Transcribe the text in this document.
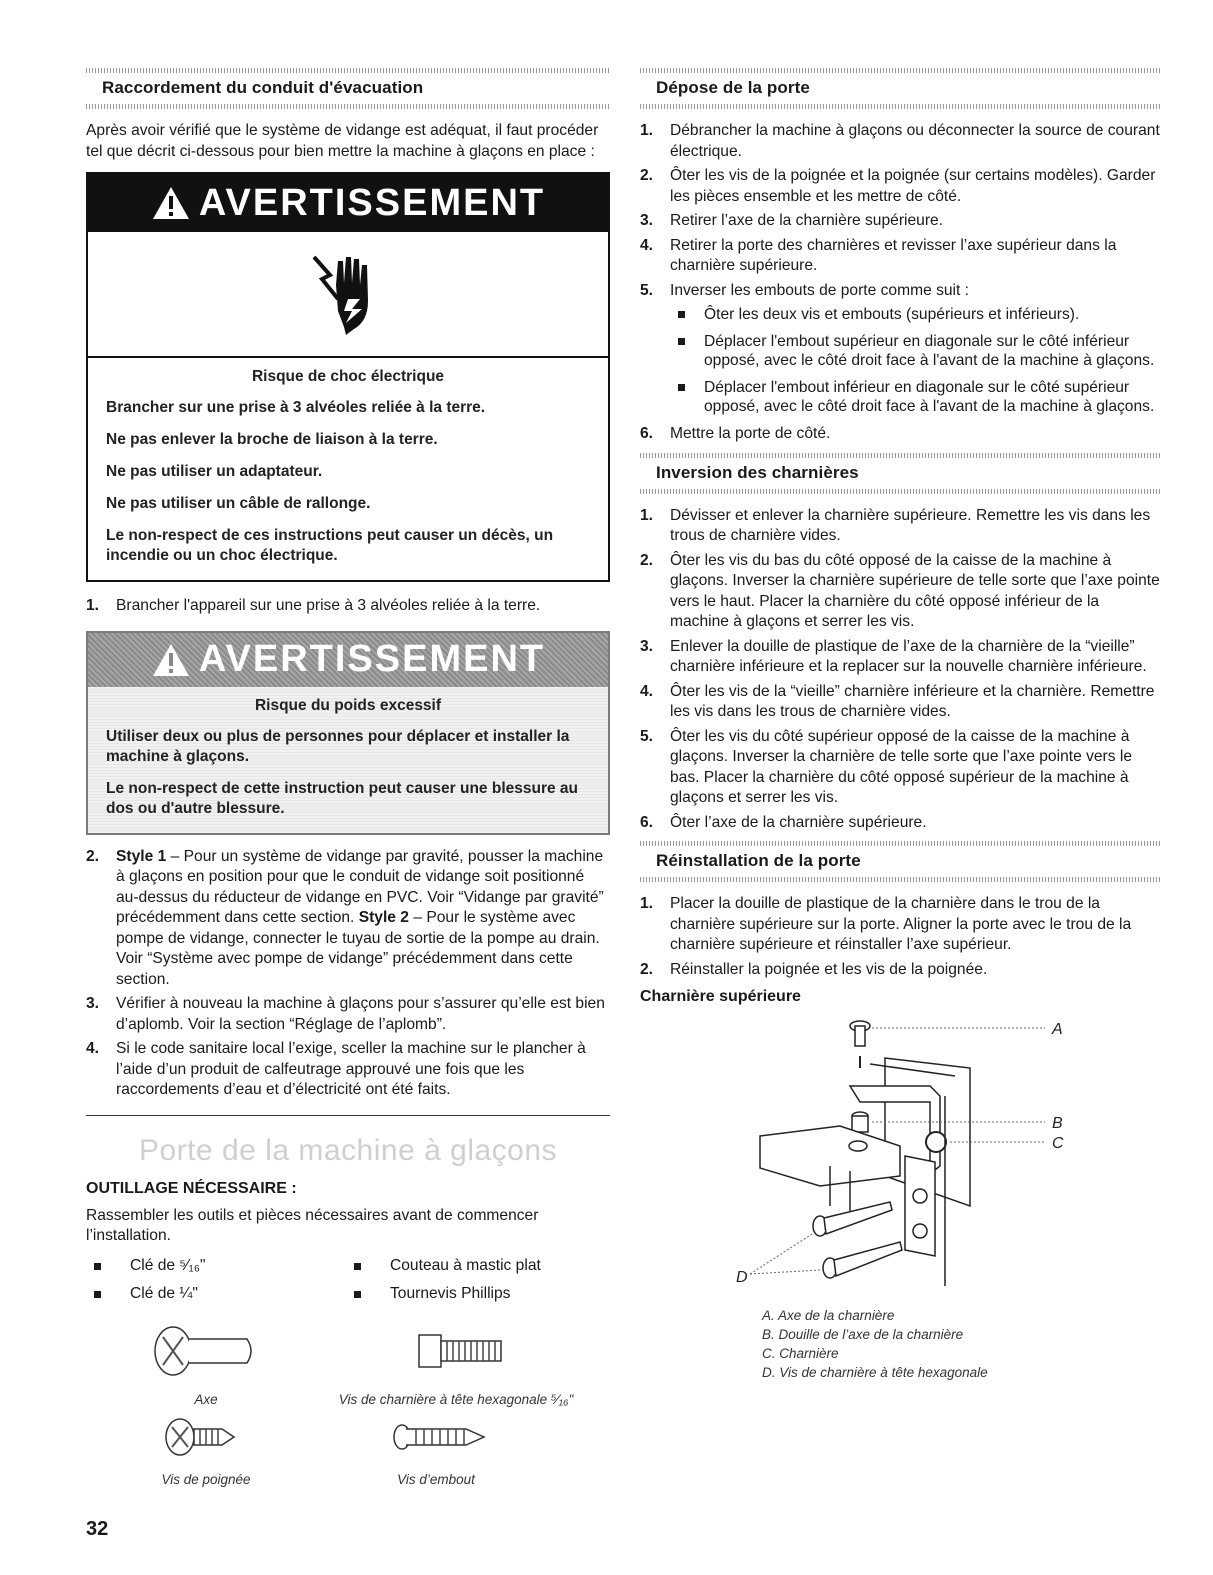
Raccordement du conduit d'évacuation

Après avoir vérifié que le système de vidange est adéquat, il faut procéder tel que décrit ci-dessous pour bien mettre la machine à glaçons en place :

AVERTISSEMENT
Risque de choc électrique
Brancher sur une prise à 3 alvéoles reliée à la terre.
Ne pas enlever la broche de liaison à la terre.
Ne pas utiliser un adaptateur.
Ne pas utiliser un câble de rallonge.
Le non-respect de ces instructions peut causer un décès, un incendie ou un choc électrique.
1. Brancher l'appareil sur une prise à 3 alvéoles reliée à la terre.
AVERTISSEMENT
Risque du poids excessif
Utiliser deux ou plus de personnes pour déplacer et installer la machine à glaçons.
Le non-respect de cette instruction peut causer une blessure au dos ou d'autre blessure.
2. Style 1 – Pour un système de vidange par gravité, pousser la machine à glaçons en position pour que le conduit de vidange soit positionné au-dessus du réducteur de vidange en PVC. Voir “Vidange par gravité” précédemment dans cette section. Style 2 – Pour le système avec pompe de vidange, connecter le tuyau de sortie de la pompe au drain. Voir “Système avec pompe de vidange” précédemment dans cette section.
3. Vérifier à nouveau la machine à glaçons pour s’assurer qu’elle est bien d’aplomb. Voir la section “Réglage de l’aplomb”.
4. Si le code sanitaire local l’exige, sceller la machine sur le plancher à l’aide d’un produit de calfeutrage approuvé une fois que les raccordements d’eau et d’électricité ont été faits.
Porte de la machine à glaçons
OUTILLAGE NÉCESSAIRE :

Rassembler les outils et pièces nécessaires avant de commencer l’installation.

Clé de ⁵⁄₁₆"	Couteau à mastic plat
Clé de ¼"	Tournevis Phillips
Axe	Vis de charnière à tête hexagonale ⁵⁄₁₆"
Vis de poignée	Vis d’embout
Dépose de la porte
1. Débrancher la machine à glaçons ou déconnecter la source de courant électrique.
2. Ôter les vis de la poignée et la poignée (sur certains modèles). Garder les pièces ensemble et les mettre de côté.
3. Retirer l’axe de la charnière supérieure.
4. Retirer la porte des charnières et revisser l’axe supérieur dans la charnière supérieure.
5. Inverser les embouts de porte comme suit :
Ôter les deux vis et embouts (supérieurs et inférieurs).
Déplacer l'embout supérieur en diagonale sur le côté inférieur opposé, avec le côté droit face à l'avant de la machine à glaçons.
Déplacer l'embout inférieur en diagonale sur le côté supérieur opposé, avec le côté droit face à l'avant de la machine à glaçons.
6. Mettre la porte de côté.
Inversion des charnières
1. Dévisser et enlever la charnière supérieure. Remettre les vis dans les trous de charnière vides.
2. Ôter les vis du bas du côté opposé de la caisse de la machine à glaçons. Inverser la charnière supérieure de telle sorte que l’axe pointe vers le haut. Placer la charnière du côté opposé inférieur de la machine à glaçons et serrer les vis.
3. Enlever la douille de plastique de l’axe de la charnière de la “vieille” charnière inférieure et la replacer sur la nouvelle charnière inférieure.
4. Ôter les vis de la “vieille” charnière inférieure et la charnière. Remettre les vis dans les trous de charnière vides.
5. Ôter les vis du côté supérieur opposé de la caisse de la machine à glaçons. Inverser la charnière de telle sorte que l’axe pointe vers le bas. Placer la charnière du côté opposé supérieur de la machine à glaçons et serrer les vis.
6. Ôter l’axe de la charnière supérieure.
Réinstallation de la porte
1. Placer la douille de plastique de la charnière dans le trou de la charnière supérieure sur la porte. Aligner la porte avec le trou de la charnière supérieure et réinstaller l’axe supérieur.
2. Réinstaller la poignée et les vis de la poignée.
Charnière supérieure
A
B
C
D
A. Axe de la charnière
B. Douille de l’axe de la charnière
C. Charnière
D. Vis de charnière à tête hexagonale
32
